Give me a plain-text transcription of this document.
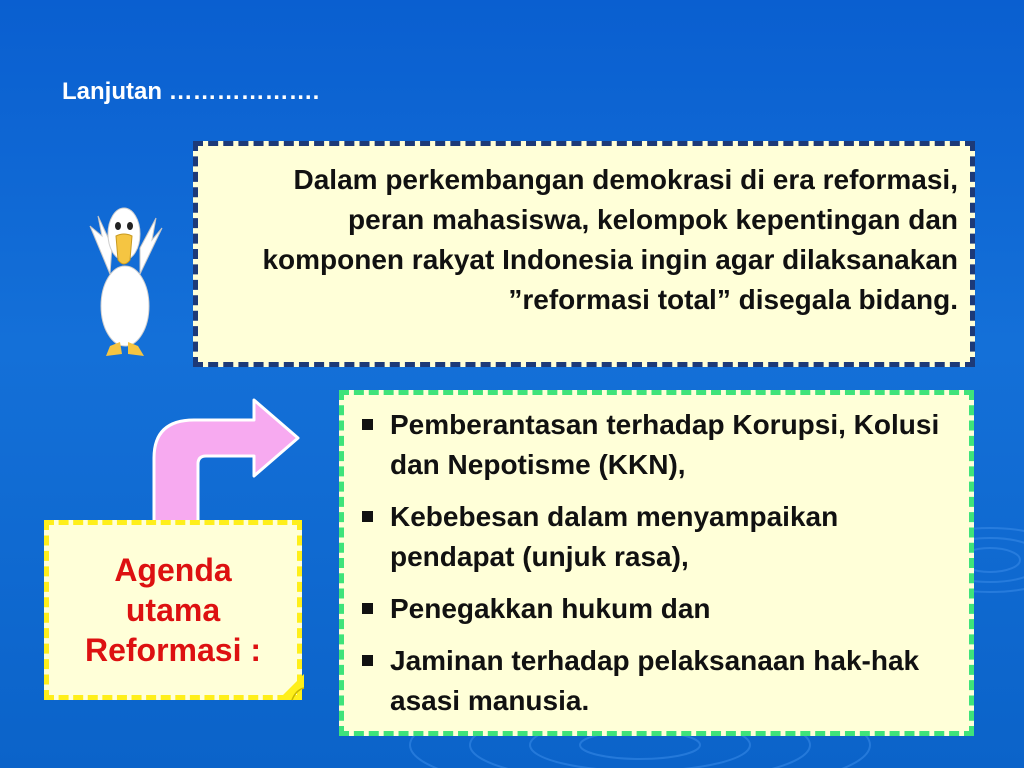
Lanjutan ……………….

Dalam perkembangan demokrasi di era reformasi, peran mahasiswa, kelompok kepentingan dan komponen rakyat Indonesia ingin agar dilaksanakan ”reformasi total” disegala bidang.

Agenda
utama
Reformasi :
Pemberantasan terhadap Korupsi, Kolusi dan Nepotisme (KKN),
Kebebesan dalam menyampaikan pendapat (unjuk rasa),
Penegakkan hukum dan
Jaminan terhadap pelaksanaan hak-hak asasi manusia.
